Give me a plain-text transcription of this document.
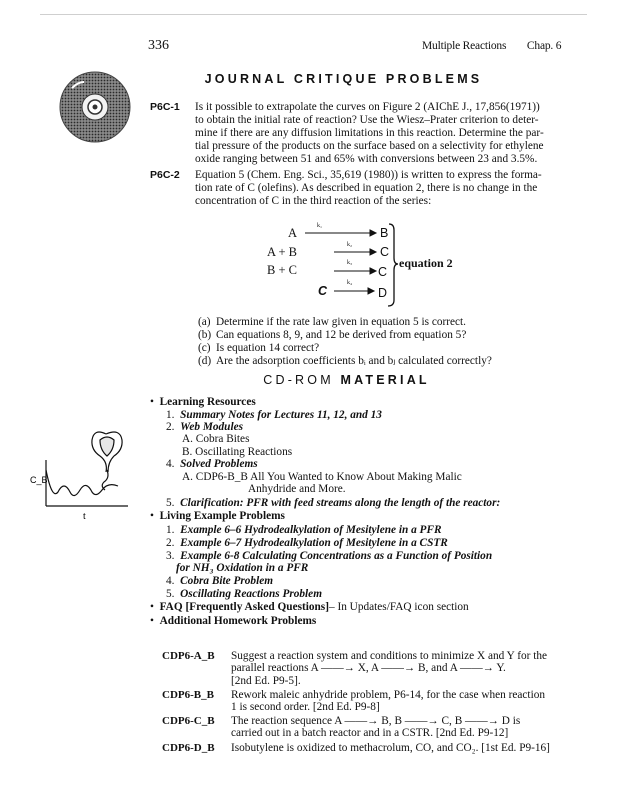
336	Multiple Reactions Chap. 6
JOURNAL CRITIQUE PROBLEMS
P6C-1 Is it possible to extrapolate the curves on Figure 2 (AIChE J., 17,856(1971))
to obtain the initial rate of reaction? Use the Wiesz–Prater criterion to deter-
mine if there are any diffusion limitations in this reaction. Determine the par-
tial pressure of the products on the surface based on a selectivity for ethylene
oxide ranging between 51 and 65% with conversions between 23 and 3.5%.
P6C-2 Equation 5 (Chem. Eng. Sci., 35,619 (1980)) is written to express the forma-
tion rate of C (olefins). As described in equation 2, there is no change in the
concentration of C in the third reaction of the series:
A	k₁	B
A + B	k₂ C
B + C	k₃
C
C
k₄
D
equation 2
(a) Determine if the rate law given in equation 5 is correct.
(b) Can equations 8, 9, and 12 be derived from equation 5?
(c) Is equation 14 correct?
(d) Are the adsorption coefficients bᵢ and bⱼ calculated correctly?
CD-ROM MATERIAL
C_B
t
•  Learning Resources
1. Summary Notes for Lectures 11, 12, and 13
2. Web Modules
A. Cobra Bites
B. Oscillating Reactions
4. Solved Problems
A. CDP6-B_B All You Wanted to Know About Making Malic
Anhydride and More.
5. Clarification: PFR with feed streams along the length of the reactor:
•  Living Example Problems
1. Example 6–6 Hydrodealkylation of Mesitylene in a PFR
2. Example 6–7 Hydrodealkylation of Mesitylene in a CSTR
3. Example 6-8 Calculating Concentrations as a Function of Position
for NH₃ Oxidation in a PFR
4. Cobra Bite Problem
5. Oscillating Reactions Problem
•  FAQ [Frequently Asked Questions]– In Updates/FAQ icon section
•  Additional Homework Problems
CDP6-A_B Suggest a reaction system and conditions to minimize X and Y for the
parallel reactions A ——→ X, A ——→ B, and A ——→ Y.
[2nd Ed. P9-5].
CDP6-B_B Rework maleic anhydride problem, P6-14, for the case when reaction
1 is second order. [2nd Ed. P9-8]
CDP6-C_B The reaction sequence A ——→ B, B ——→ C, B ——→ D is
carried out in a batch reactor and in a CSTR. [2nd Ed. P9-12]
CDP6-D_B Isobutylene is oxidized to methacrolum, CO, and CO₂. [1st Ed. P9-16]
